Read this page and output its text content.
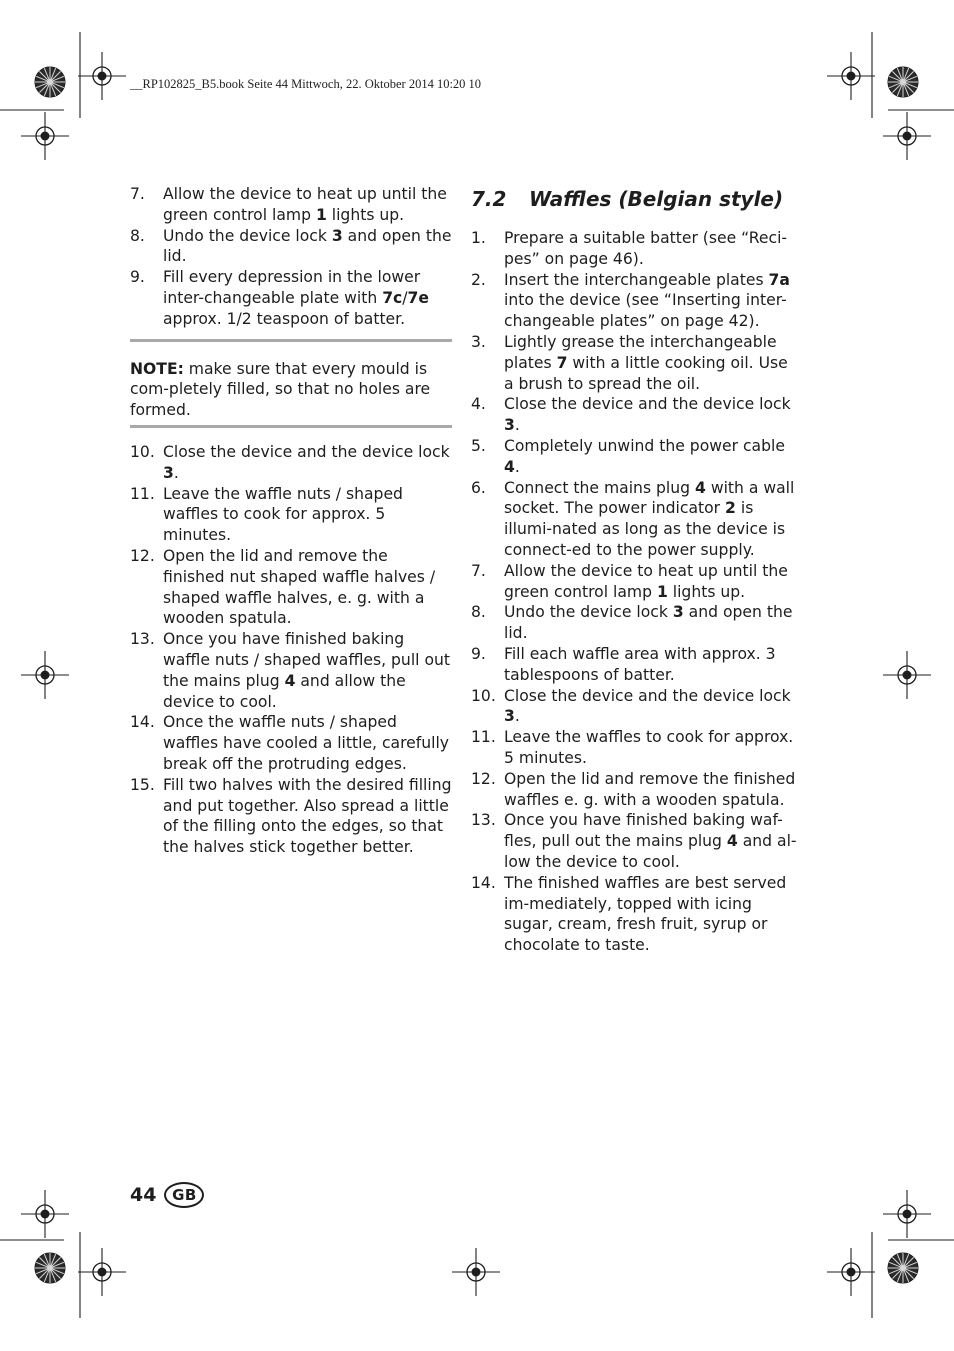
__RP102825_B5.book Seite 44 Mittwoch, 22. Oktober 2014 10:20 10
7. Allow the device to heat up until the green control lamp 1 lights up.
8. Undo the device lock 3 and open the lid.
9. Fill every depression in the lower inter-changeable plate with 7c/7e approx. 1/2 teaspoon of batter.
NOTE: make sure that every mould is com-pletely filled, so that no holes are formed.
10. Close the device and the device lock 3.
11. Leave the waffle nuts / shaped waffles to cook for approx. 5 minutes.
12. Open the lid and remove the finished nut shaped waffle halves / shaped waffle halves, e. g. with a wooden spatula.
13. Once you have finished baking waffle nuts / shaped waffles, pull out the mains plug 4 and allow the device to cool.
14. Once the waffle nuts / shaped waffles have cooled a little, carefully break off the protruding edges.
15. Fill two halves with the desired filling and put together. Also spread a little of the filling onto the edges, so that the halves stick together better.
7.2 Waffles (Belgian style)
1. Prepare a suitable batter (see “Reci-pes” on page 46).
2. Insert the interchangeable plates 7a into the device (see “Inserting inter-changeable plates” on page 42).
3. Lightly grease the interchangeable plates 7 with a little cooking oil. Use a brush to spread the oil.
4. Close the device and the device lock 3.
5. Completely unwind the power cable 4.
6. Connect the mains plug 4 with a wall socket. The power indicator 2 is illumi-nated as long as the device is connect-ed to the power supply.
7. Allow the device to heat up until the green control lamp 1 lights up.
8. Undo the device lock 3 and open the lid.
9. Fill each waffle area with approx. 3 tablespoons of batter.
10. Close the device and the device lock 3.
11. Leave the waffles to cook for approx. 5 minutes.
12. Open the lid and remove the finished waffles e. g. with a wooden spatula.
13. Once you have finished baking waf-fles, pull out the mains plug 4 and al-low the device to cool.
14. The finished waffles are best served im-mediately, topped with icing sugar, cream, fresh fruit, syrup or chocolate to taste.
44	GB
